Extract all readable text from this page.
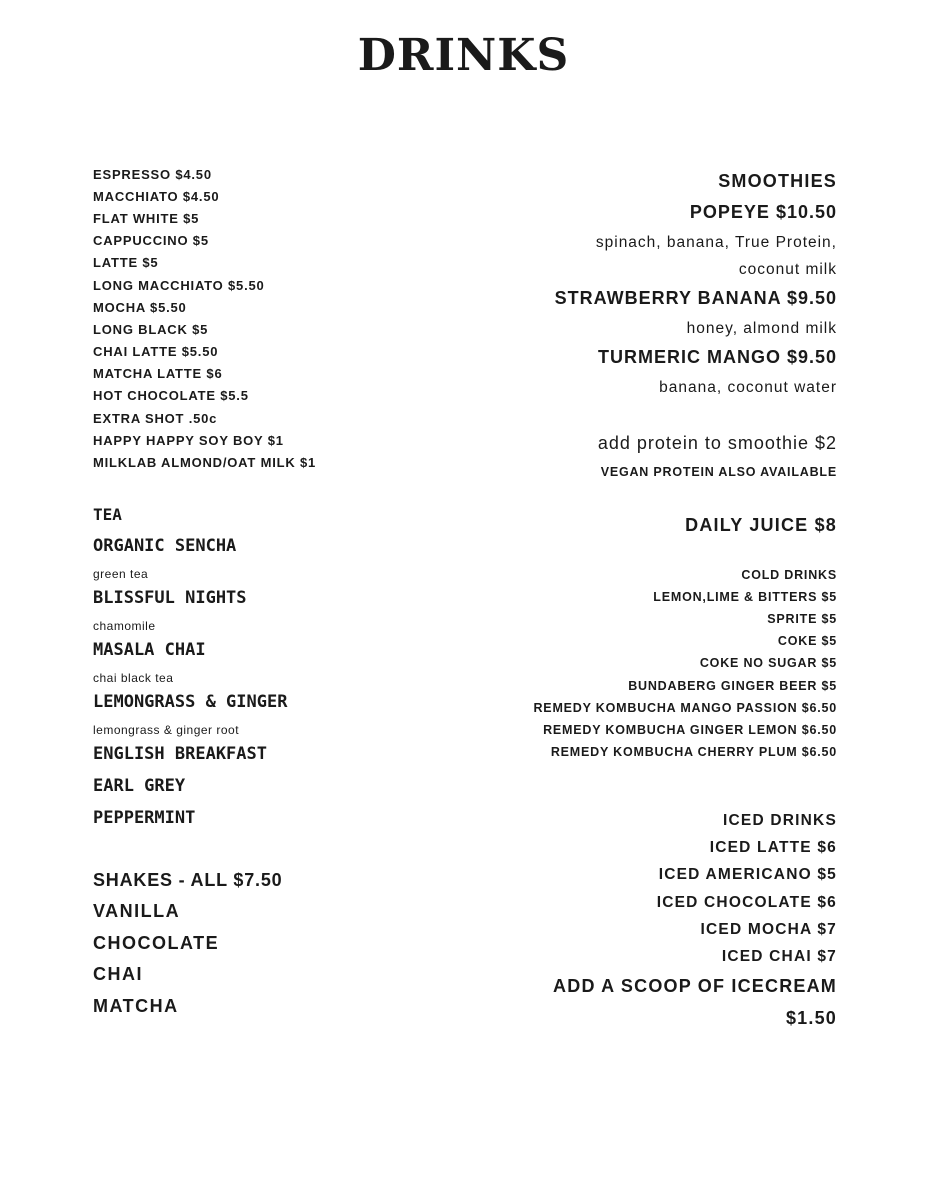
DRINKS
ESPRESSO $4.50
MACCHIATO $4.50
FLAT WHITE $5
CAPPUCCINO $5
LATTE $5
LONG MACCHIATO $5.50
MOCHA $5.50
LONG BLACK $5
CHAI LATTE $5.50
MATCHA LATTE $6
HOT CHOCOLATE $5.5
EXTRA SHOT .50c
HAPPY HAPPY SOY BOY $1
MILKLAB ALMOND/OAT MILK $1
TEA
ORGANIC SENCHA
green tea
BLISSFUL NIGHTS
chamomile
MASALA CHAI
chai black tea
LEMONGRASS & GINGER
lemongrass & ginger root
ENGLISH BREAKFAST
EARL GREY
PEPPERMINT
SHAKES - ALL $7.50
VANILLA
CHOCOLATE
CHAI
MATCHA
SMOOTHIES
POPEYE $10.50
spinach, banana, True Protein,
coconut milk
STRAWBERRY BANANA $9.50
honey, almond milk
TURMERIC MANGO $9.50
banana, coconut water
add protein to smoothie $2
VEGAN PROTEIN ALSO AVAILABLE
DAILY JUICE $8
COLD DRINKS
LEMON,LIME & BITTERS $5
SPRITE $5
COKE $5
COKE NO SUGAR $5
BUNDABERG GINGER BEER $5
REMEDY KOMBUCHA MANGO PASSION $6.50
REMEDY KOMBUCHA GINGER LEMON $6.50
REMEDY KOMBUCHA CHERRY PLUM $6.50
ICED DRINKS
ICED LATTE $6
ICED AMERICANO $5
ICED CHOCOLATE $6
ICED MOCHA $7
ICED CHAI $7
ADD A SCOOP OF ICECREAM
$1.50
